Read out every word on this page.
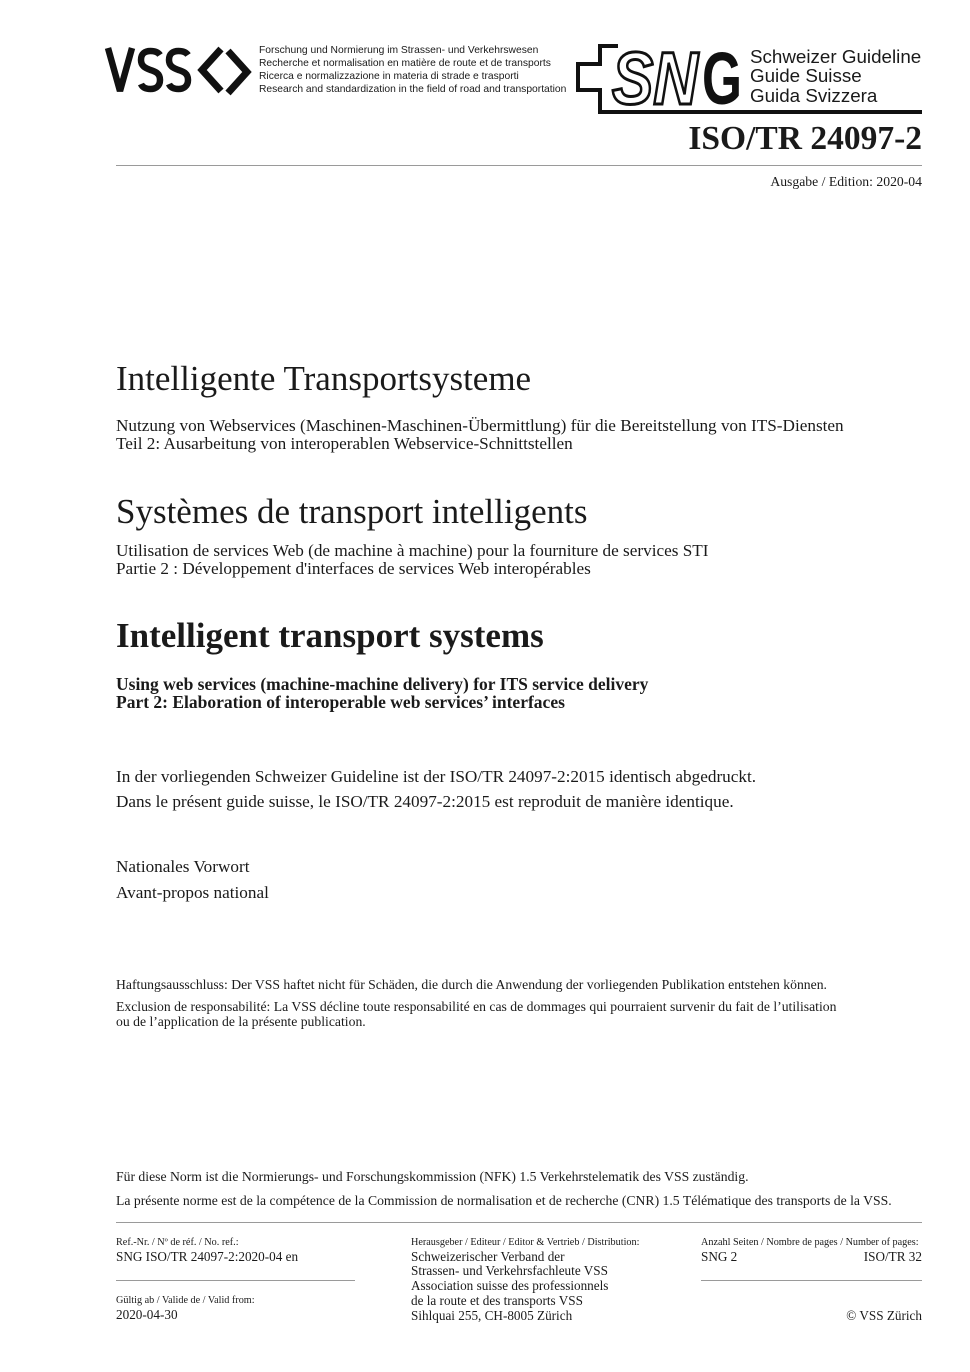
Forschung und Normierung im Strassen- und Verkehrswesen
Recherche et normalisation en matière de route et de transports
Ricerca e normalizzazione in materia di strade e trasporti
Research and standardization in the field of road and transportation SN G Schweizer Guideline
Guide Suisse
Guida Svizzera
ISO/TR 24097-2
Ausgabe / Edition: 2020-04
Intelligente Transportsysteme
Nutzung von Webservices (Maschinen-Maschinen-Übermittlung) für die Bereitstellung von ITS-Diensten
Teil 2: Ausarbeitung von interoperablen Webservice-Schnittstellen
Systèmes de transport intelligents
Utilisation de services Web (de machine à machine) pour la fourniture de services STI
Partie 2 : Développement d'interfaces de services Web interopérables
Intelligent transport systems
Using web services (machine-machine delivery) for ITS service delivery
Part 2: Elaboration of interoperable web services’ interfaces
In der vorliegenden Schweizer Guideline ist der ISO/TR 24097-2:2015 identisch abgedruckt.
Dans le présent guide suisse, le ISO/TR 24097-2:2015 est reproduit de manière identique.
Nationales Vorwort
Avant-propos national
Haftungsausschluss: Der VSS haftet nicht für Schäden, die durch die Anwendung der vorliegenden Publikation entstehen können.
Exclusion de responsabilité: La VSS décline toute responsabilité en cas de dommages qui pourraient survenir du fait de l’utilisation
ou de l’application de la présente publication.
Für diese Norm ist die Normierungs- und Forschungskommission (NFK) 1.5 Verkehrstelematik des VSS zuständig.
La présente norme est de la compétence de la Commission de normalisation et de recherche (CNR) 1.5 Télématique des transports de la VSS.
Ref.-Nr. / Nº de réf. / No. ref.:
SNG ISO/TR 24097-2:2020-04 en
Gültig ab / Valide de / Valid from:
2020-04-30
Herausgeber / Editeur / Editor & Vertrieb / Distribution:
Schweizerischer Verband der
Strassen- und Verkehrsfachleute VSS
Association suisse des professionnels
de la route et des transports VSS
Sihlquai 255, CH-8005 Zürich
Anzahl Seiten / Nombre de pages / Number of pages:
SNG 2	ISO/TR 32
© VSS Zürich
